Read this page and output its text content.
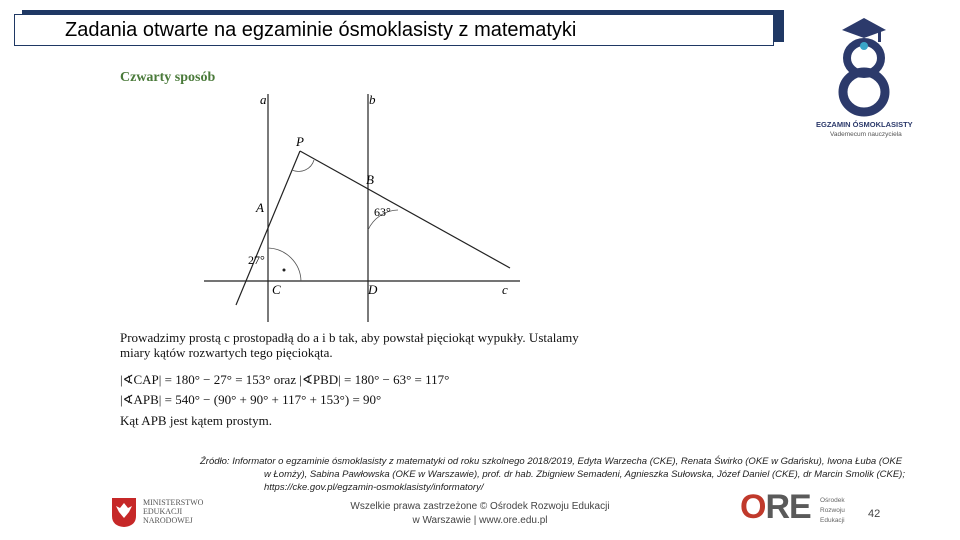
Zadania otwarte na egzaminie ósmoklasisty z matematyki
EGZAMIN ÓSMOKLASISTY
Vademecum nauczyciela
Czwarty sposób
a	b
c
P
A
B
C	D
63°
27°
Prowadzimy prostą c prostopadłą do a i b tak, aby powstał pięciokąt wypukły. Ustalamy miary kątów rozwartych tego pięciokąta.
|∢CAP| = 180° − 27° = 153° oraz |∢PBD| = 180° − 63° = 117°
|∢APB| = 540° − (90° + 90° + 117° + 153°) = 90°
Kąt APB jest kątem prostym.
Źródło: Informator o egzaminie ósmoklasisty z matematyki od roku szkolnego 2018/2019, Edyta Warzecha (CKE), Renata Świrko (OKE w Gdańsku), Iwona Łuba (OKE
w Łomży), Sabina Pawłowska (OKE w Warszawie), prof. dr hab. Zbigniew Semadeni, Agnieszka Sułowska, Józef Daniel (CKE), dr Marcin Smolik (CKE);
https://cke.gov.pl/egzamin-osmoklasisty/informatory/
MINISTERSTWO
EDUKACJI
NARODOWEJ
Wszelkie prawa zastrzeżone © Ośrodek Rozwoju Edukacji
w Warszawie | www.ore.edu.pl	ORE Ośrodek
Rozwoju
Edukacji
42
